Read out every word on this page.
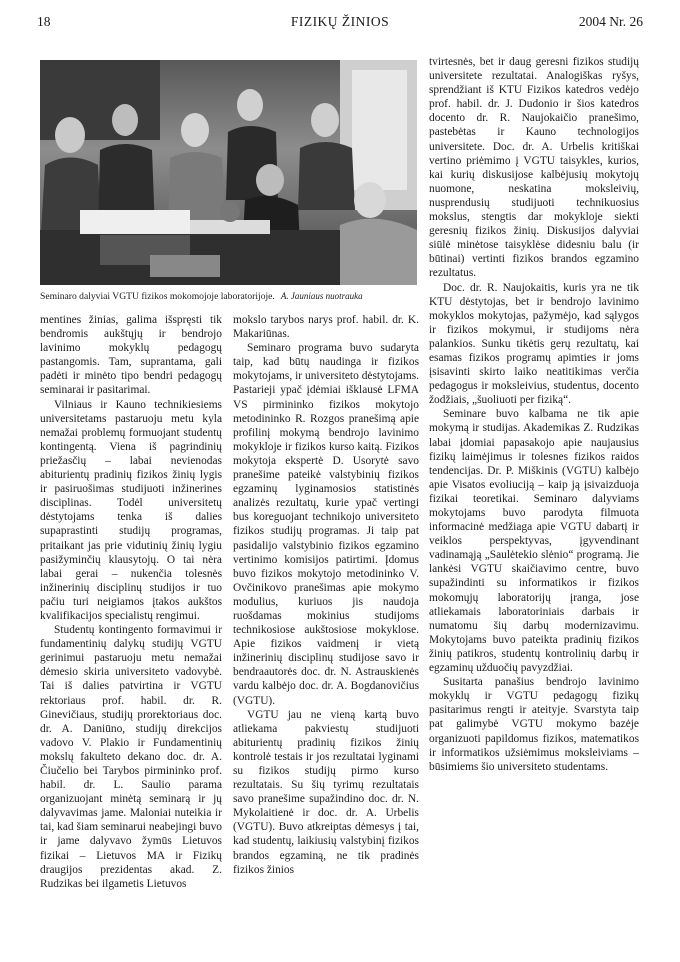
18	FIZIKŲ ŽINIOS	2004 Nr. 26
Seminaro dalyviai VGTU fizikos mokomojoje laboratorijoje. A. Jauniaus nuotrauka

mentines žinias, galima išspręsti tik bendromis aukštųjų ir bendrojo lavinimo mokyklų pedagogų pastangomis. Tam, suprantama, gali padėti ir minėto tipo bendri pedagogų seminarai ir pasitarimai.

Vilniaus ir Kauno technikiesiems universitetams pastaruoju metu kyla nemažai problemų formuojant studentų kontingentą. Viena iš pagrindinių priežasčių – labai nevienodas abiturientų pradinių fizikos žinių lygis ir pasiruošimas studijuoti inžinerines disciplinas. Todėl universitetų dėstytojams tenka iš dalies supaprastinti studijų programas, pritaikant jas prie vidutinių žinių lygiu pasižyminčių klausytojų. O tai nėra labai gerai – nukenčia tolesnės inžinerinių disciplinų studijos ir tuo pačiu turi neigiamos įtakos aukštos kvalifikacijos specialistų rengimui.

Studentų kontingento formavimui ir fundamentinių dalykų studijų VGTU gerinimui pastaruoju metu nemažai dėmesio skiria universiteto vadovybė. Tai iš dalies patvirtina ir VGTU rektoriaus prof. habil. dr. R. Ginevičiaus, studijų prorektoriaus doc. dr. A. Daniūno, studijų direkcijos vadovo V. Plakio ir Fundamentinių mokslų fakulteto dekano doc. dr. A. Čiučelio bei Tarybos pirmininko prof. habil. dr. L. Saulio parama organizuojant minėtą seminarą ir jų dalyvavimas jame. Maloniai nuteikia ir tai, kad šiam seminarui neabejingi buvo ir jame dalyvavo žymūs Lietuvos fizikai – Lietuvos MA ir Fizikų draugijos prezidentas akad. Z. Rudzikas bei ilgametis Lietuvos

mokslo tarybos narys prof. habil. dr. K. Makariūnas.

Seminaro programa buvo sudaryta taip, kad būtų naudinga ir fizikos mokytojams, ir universiteto dėstytojams. Pastarieji ypač įdėmiai išklausė LFMA VS pirmininko fizikos mokytojo metodininko R. Rozgos pranešimą apie profilinį mokymą bendrojo lavinimo mokykloje ir fizikos kurso kaitą. Fizikos mokytoja ekspertė D. Usorytė savo pranešime pateikė valstybinių fizikos egzaminų lyginamosios statistinės analizės rezultatų, kurie ypač vertingi bus koreguojant technikojo universiteto fizikos studijų programas. Ji taip pat pasidalijo valstybinio fizikos egzamino vertinimo komisijos patirtimi. Įdomus buvo fizikos mokytojo metodininko V. Ovčinikovo pranešimas apie mokymo modulius, kuriuos jis naudoja ruošdamas mokinius studijoms technikosiose aukštosiose mokyklose. Apie fizikos vaidmenį ir vietą inžinerinių disciplinų studijose savo ir bendraautorės doc. dr. N. Astrauskienės vardu kalbėjo doc. dr. A. Bogdanovičius (VGTU).

VGTU jau ne vieną kartą buvo atliekama pakviestų studijuoti abiturientų pradinių fizikos žinių kontrolė testais ir jos rezultatai lyginami su fizikos studijų pirmo kurso rezultatais. Su šių tyrimų rezultatais savo pranešime supažindino doc. dr. N. Mykolaitienė ir doc. dr. A. Urbelis (VGTU). Buvo atkreiptas dėmesys į tai, kad studentų, laikiusių valstybinį fizikos brandos egzaminą, ne tik pradinės fizikos žinios

tvirtesnės, bet ir daug geresni fizikos studijų universitete rezultatai. Analogiškas ryšys, sprendžiant iš KTU Fizikos katedros vedėjo prof. habil. dr. J. Dudonio ir šios katedros docento dr. R. Naujokaičio pranešimo, pastebėtas ir Kauno technologijos universitete. Doc. dr. A. Urbelis kritiškai vertino priėmimo į VGTU taisykles, kurios, kai kurių diskusijose kalbėjusių mokytojų nuomone, neskatina moksleivių, nusprendusių studijuoti technikuosius mokslus, stengtis dar mokykloje siekti geresnių fizikos žinių. Diskusijos dalyviai siūlė minėtose taisyklėse didesniu balu (ir būtinai) vertinti fizikos brandos egzamino rezultatus.

Doc. dr. R. Naujokaitis, kuris yra ne tik KTU dėstytojas, bet ir bendrojo lavinimo mokyklos mokytojas, pažymėjo, kad sąlygos ir fizikos mokymui, ir studijoms nėra palankios. Sunku tikėtis gerų rezultatų, kai esamas fizikos programų apimties ir joms įsisavinti skirto laiko neatitikimas verčia pedagogus ir moksleivius, studentus, docento žodžiais, „šuoliuoti per fiziką“.

Seminare buvo kalbama ne tik apie mokymą ir studijas. Akademikas Z. Rudzikas labai įdomiai papasakojo apie naujausius fizikų laimėjimus ir tolesnes fizikos raidos tendencijas. Dr. P. Miškinis (VGTU) kalbėjo apie Visatos evoliuciją – kaip ją įsivaizduoja fizikai teoretikai. Seminaro dalyviams mokytojams buvo parodyta filmuota informacinė medžiaga apie VGTU dabartį ir veiklos perspektyvas, įgyvendinant vadinamąją „Saulėtekio slėnio“ programą. Jie lankėsi VGTU skaičiavimo centre, buvo supažindinti su informatikos ir fizikos mokomųjų laboratorijų įranga, jose atliekamais laboratoriniais darbais ir numatomu šių darbų modernizavimu. Mokytojams buvo pateikta pradinių fizikos žinių patikros, studentų kontrolinių darbų ir egzaminų užduočių pavyzdžiai.

Susitarta panašius bendrojo lavinimo mokyklų ir VGTU pedagogų fizikų pasitarimus rengti ir ateityje. Svarstyta taip pat galimybė VGTU mokymo bazėje organizuoti papildomus fizikos, matematikos ir informatikos užsiėmimus moksleiviams – būsimiems šio universiteto studentams.
